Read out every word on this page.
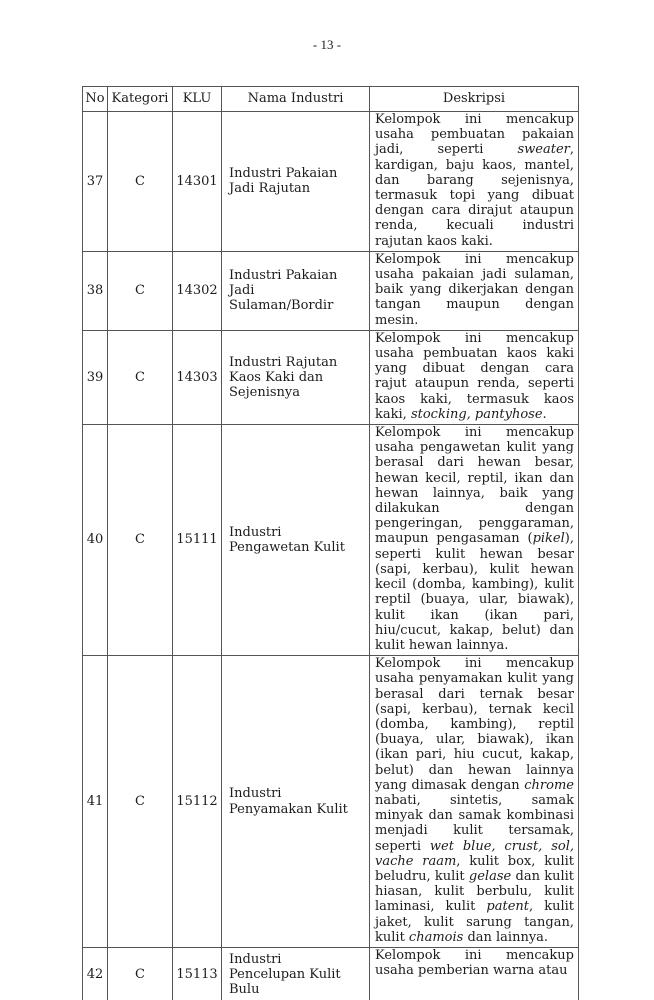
- 13 -
No	Kategori	KLU	Nama Industri	Deskripsi
37	C	14301	Industri Pakaian Jadi Rajutan	Kelompok ini mencakup usaha pembuatan pakaian jadi, seperti sweater, kardigan, baju kaos, mantel, dan barang sejenisnya, termasuk topi yang dibuat dengan cara dirajut ataupun renda, kecuali industri rajutan kaos kaki.
38	C	14302	Industri Pakaian Jadi Sulaman/Bordir	Kelompok ini mencakup usaha pakaian jadi sulaman, baik yang dikerjakan dengan tangan maupun dengan mesin.
39	C	14303	Industri Rajutan Kaos Kaki dan Sejenisnya	Kelompok ini mencakup usaha pembuatan kaos kaki yang dibuat dengan cara rajut ataupun renda, seperti kaos kaki, termasuk kaos kaki, stocking, pantyhose.
40	C	15111	Industri Pengawetan Kulit	Kelompok ini mencakup usaha pengawetan kulit yang berasal dari hewan besar, hewan kecil, reptil, ikan dan hewan lainnya, baik yang dilakukan dengan pengeringan, penggaraman, maupun pengasaman (pikel), seperti kulit hewan besar (sapi, kerbau), kulit hewan kecil (domba, kambing), kulit reptil (buaya, ular, biawak), kulit ikan (ikan pari, hiu/cucut, kakap, belut) dan kulit hewan lainnya.
41	C	15112	Industri Penyamakan Kulit	Kelompok ini mencakup usaha penyamakan kulit yang berasal dari ternak besar (sapi, kerbau), ternak kecil (domba, kambing), reptil (buaya, ular, biawak), ikan (ikan pari, hiu cucut, kakap, belut) dan hewan lainnya yang dimasak dengan chrome nabati, sintetis, samak minyak dan samak kombinasi menjadi kulit tersamak, seperti wet blue, crust, sol, vache raam, kulit box, kulit beludru, kulit gelase dan kulit hiasan, kulit berbulu, kulit laminasi, kulit patent, kulit jaket, kulit sarung tangan, kulit chamois dan lainnya.
42	C	15113	Industri Pencelupan Kulit Bulu	Kelompok ini mencakup usaha pemberian warna atau
